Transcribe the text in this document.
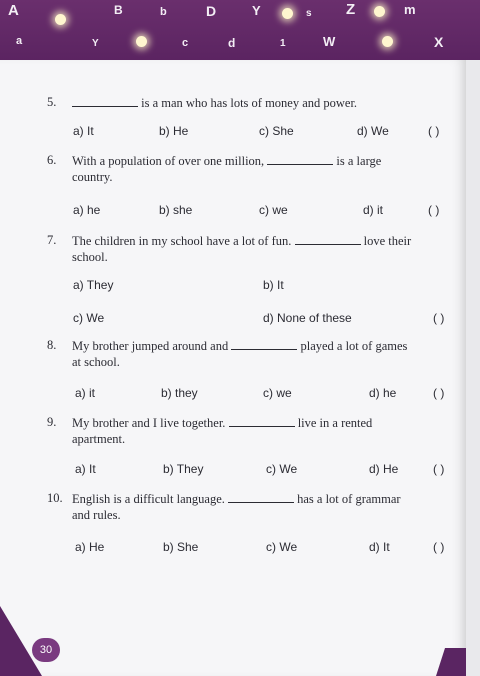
A	B	b	D	Y	s Z	m
a	Y	c	d	1	W	X
5.	is a man who has lots of money and power.
a) It	b) He	c) She	d) We	( )
6.	With a population of over one million,	is a large
country.
a) he	b) she	c) we	d) it	( )
7.	The children in my school have a lot of fun.	love their
school.
a) They	b) It
c) We	d) None of these	( )
8.	My brother jumped around and	played a lot of games
at school.
a) it	b) they	c) we	d) he	( )
9.	My brother and I live together.	live in a rented
apartment.
a) It	b) They	c) We	d) He	( )
10. English is a difficult language.	has a lot of grammar
and rules.
a) He	b) She	c) We	d) It	( )
30
